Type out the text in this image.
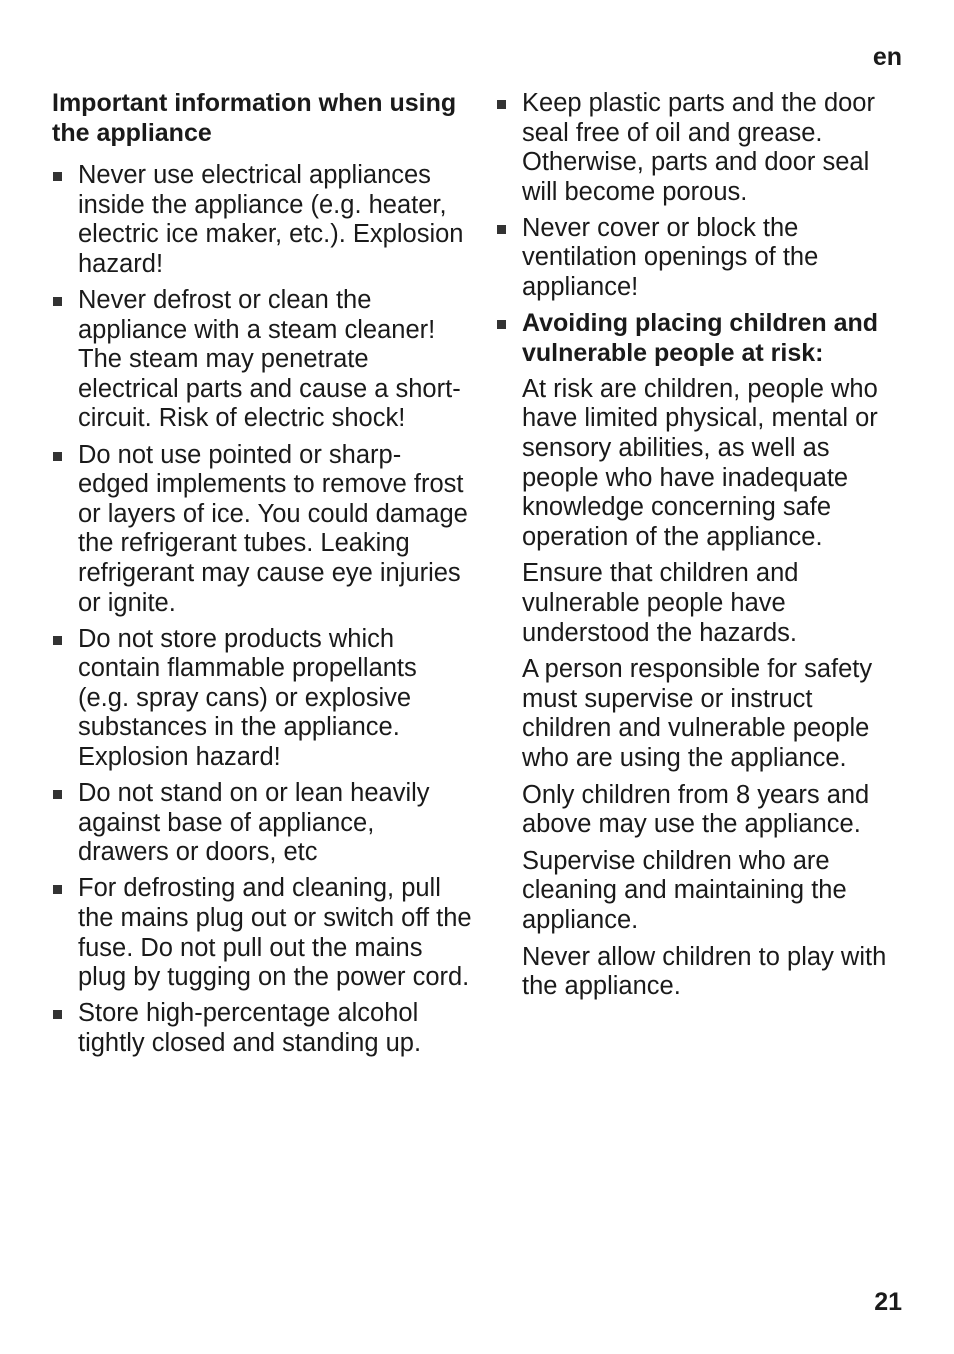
en
Important information when using the appliance
Never use electrical appliances inside the appliance (e.g. heater, electric ice maker, etc.). Explosion hazard!
Never defrost or clean the appliance with a steam cleaner! The steam may penetrate electrical parts and cause a short-circuit. Risk of electric shock!
Do not use pointed or sharp-edged implements to remove frost or layers of ice. You could damage the refrigerant tubes. Leaking refrigerant may cause eye injuries or ignite.
Do not store products which contain flammable propellants (e.g. spray cans) or explosive substances in the appliance. Explosion hazard!
Do not stand on or lean heavily against base of appliance, drawers or doors, etc
For defrosting and cleaning, pull the mains plug out or switch off the fuse. Do not pull out the mains plug by tugging on the power cord.
Store high-percentage alcohol tightly closed and standing up.
Keep plastic parts and the door seal free of oil and grease. Otherwise, parts and door seal will become porous.
Never cover or block the ventilation openings of the appliance!
Avoiding placing children and vulnerable people at risk:

At risk are children, people who have limited physical, mental or sensory abilities, as well as people who have inadequate knowledge concerning safe operation of the appliance.

Ensure that children and vulnerable people have understood the hazards.

A person responsible for safety must supervise or instruct children and vulnerable people who are using the appliance.

Only children from 8 years and above may use the appliance.

Supervise children who are cleaning and maintaining the appliance.

Never allow children to play with the appliance.

21
